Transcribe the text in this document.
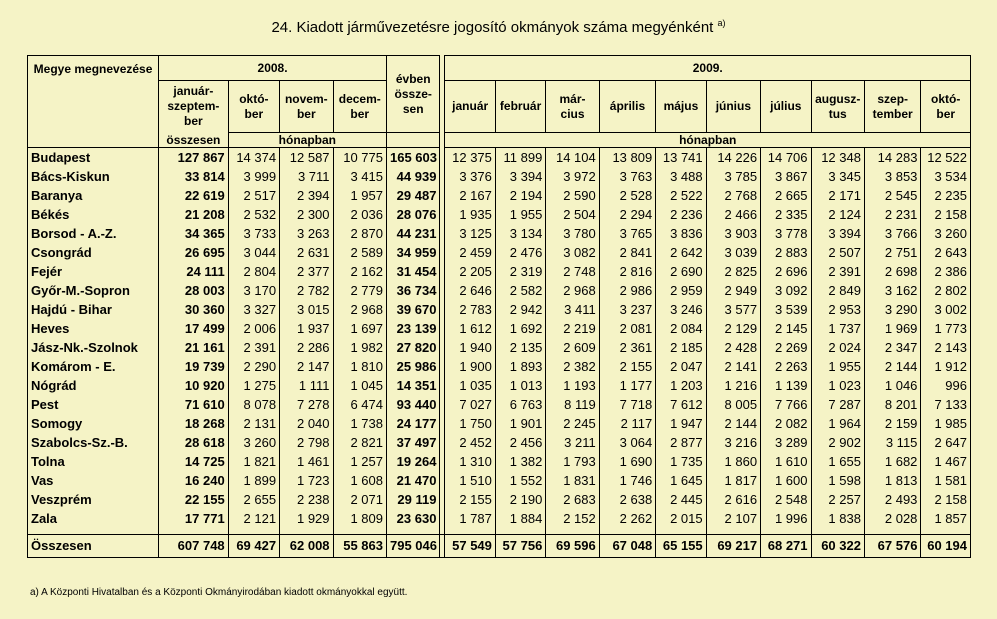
24. Kiadott járművezetésre jogosító okmányok száma megyénként $^{a)}$
Megye megnevezése	2008.				évben össze-sen		2009.									
	január-szeptem-ber	októ-ber	novem-ber	decem-ber			január	február	már-cius	április	május	június	július	augusz-tus	szep-tember	októ-ber
	összesen	hónapban					hónapban									
Budapest	127 867	14 374	12 587	10 775	165 603		12 375	11 899	14 104	13 809	13 741	14 226	14 706	12 348	14 283	12 522
Bács-Kiskun	33 814	3 999	3 711	3 415	44 939		3 376	3 394	3 972	3 763	3 488	3 785	3 867	3 345	3 853	3 534
Baranya	22 619	2 517	2 394	1 957	29 487		2 167	2 194	2 590	2 528	2 522	2 768	2 665	2 171	2 545	2 235
Békés	21 208	2 532	2 300	2 036	28 076		1 935	1 955	2 504	2 294	2 236	2 466	2 335	2 124	2 231	2 158
Borsod - A.-Z.	34 365	3 733	3 263	2 870	44 231		3 125	3 134	3 780	3 765	3 836	3 903	3 778	3 394	3 766	3 260
Csongrád	26 695	3 044	2 631	2 589	34 959		2 459	2 476	3 082	2 841	2 642	3 039	2 883	2 507	2 751	2 643
Fejér	24 111	2 804	2 377	2 162	31 454		2 205	2 319	2 748	2 816	2 690	2 825	2 696	2 391	2 698	2 386
Győr-M.-Sopron	28 003	3 170	2 782	2 779	36 734		2 646	2 582	2 968	2 986	2 959	2 949	3 092	2 849	3 162	2 802
Hajdú - Bihar	30 360	3 327	3 015	2 968	39 670		2 783	2 942	3 411	3 237	3 246	3 577	3 539	2 953	3 290	3 002
Heves	17 499	2 006	1 937	1 697	23 139		1 612	1 692	2 219	2 081	2 084	2 129	2 145	1 737	1 969	1 773
Jász-Nk.-Szolnok	21 161	2 391	2 286	1 982	27 820		1 940	2 135	2 609	2 361	2 185	2 428	2 269	2 024	2 347	2 143
Komárom - E.	19 739	2 290	2 147	1 810	25 986		1 900	1 893	2 382	2 155	2 047	2 141	2 263	1 955	2 144	1 912
Nógrád	10 920	1 275	1 111	1 045	14 351		1 035	1 013	1 193	1 177	1 203	1 216	1 139	1 023	1 046	996
Pest	71 610	8 078	7 278	6 474	93 440		7 027	6 763	8 119	7 718	7 612	8 005	7 766	7 287	8 201	7 133
Somogy	18 268	2 131	2 040	1 738	24 177		1 750	1 901	2 245	2 117	1 947	2 144	2 082	1 964	2 159	1 985
Szabolcs-Sz.-B.	28 618	3 260	2 798	2 821	37 497		2 452	2 456	3 211	3 064	2 877	3 216	3 289	2 902	3 115	2 647
Tolna	14 725	1 821	1 461	1 257	19 264		1 310	1 382	1 793	1 690	1 735	1 860	1 610	1 655	1 682	1 467
Vas	16 240	1 899	1 723	1 608	21 470		1 510	1 552	1 831	1 746	1 645	1 817	1 600	1 598	1 813	1 581
Veszprém	22 155	2 655	2 238	2 071	29 119		2 155	2 190	2 683	2 638	2 445	2 616	2 548	2 257	2 493	2 158
Zala	17 771	2 121	1 929	1 809	23 630		1 787	1 884	2 152	2 262	2 015	2 107	1 996	1 838	2 028	1 857

Összesen	607 748	69 427	62 008	55 863	795 046		57 549	57 756	69 596	67 048	65 155	69 217	68 271	60 322	67 576	60 194
a) A Központi Hivatalban és a Központi Okmányirodában kiadott okmányokkal együtt.
